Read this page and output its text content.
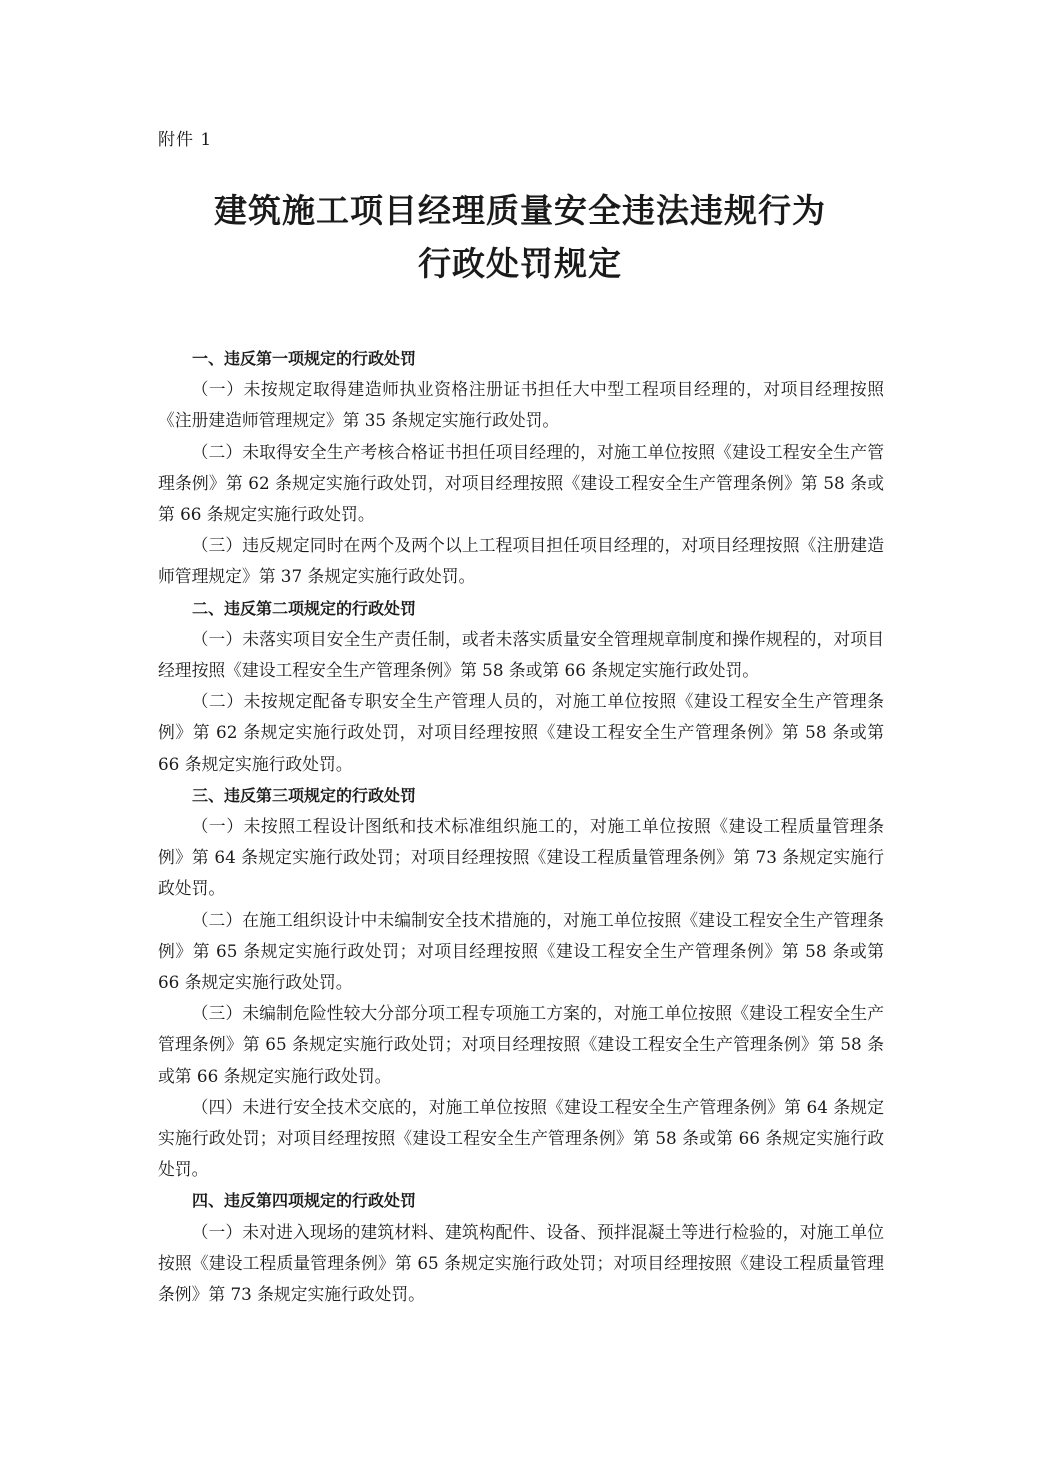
附件 1
建筑施工项目经理质量安全违法违规行为
行政处罚规定

一、违反第一项规定的行政处罚

（一）未按规定取得建造师执业资格注册证书担任大中型工程项目经理的，对项目经理按照《注册建造师管理规定》第 35 条规定实施行政处罚。

（二）未取得安全生产考核合格证书担任项目经理的，对施工单位按照《建设工程安全生产管理条例》第 62 条规定实施行政处罚，对项目经理按照《建设工程安全生产管理条例》第 58 条或第 66 条规定实施行政处罚。

（三）违反规定同时在两个及两个以上工程项目担任项目经理的，对项目经理按照《注册建造师管理规定》第 37 条规定实施行政处罚。

二、违反第二项规定的行政处罚

（一）未落实项目安全生产责任制，或者未落实质量安全管理规章制度和操作规程的，对项目经理按照《建设工程安全生产管理条例》第 58 条或第 66 条规定实施行政处罚。

（二）未按规定配备专职安全生产管理人员的，对施工单位按照《建设工程安全生产管理条例》第 62 条规定实施行政处罚，对项目经理按照《建设工程安全生产管理条例》第 58 条或第 66 条规定实施行政处罚。

三、违反第三项规定的行政处罚

（一）未按照工程设计图纸和技术标准组织施工的，对施工单位按照《建设工程质量管理条例》第 64 条规定实施行政处罚；对项目经理按照《建设工程质量管理条例》第 73 条规定实施行政处罚。

（二）在施工组织设计中未编制安全技术措施的，对施工单位按照《建设工程安全生产管理条例》第 65 条规定实施行政处罚；对项目经理按照《建设工程安全生产管理条例》第 58 条或第 66 条规定实施行政处罚。

（三）未编制危险性较大分部分项工程专项施工方案的，对施工单位按照《建设工程安全生产管理条例》第 65 条规定实施行政处罚；对项目经理按照《建设工程安全生产管理条例》第 58 条或第 66 条规定实施行政处罚。

（四）未进行安全技术交底的，对施工单位按照《建设工程安全生产管理条例》第 64 条规定实施行政处罚；对项目经理按照《建设工程安全生产管理条例》第 58 条或第 66 条规定实施行政处罚。

四、违反第四项规定的行政处罚

（一）未对进入现场的建筑材料、建筑构配件、设备、预拌混凝土等进行检验的，对施工单位按照《建设工程质量管理条例》第 65 条规定实施行政处罚；对项目经理按照《建设工程质量管理条例》第 73 条规定实施行政处罚。
